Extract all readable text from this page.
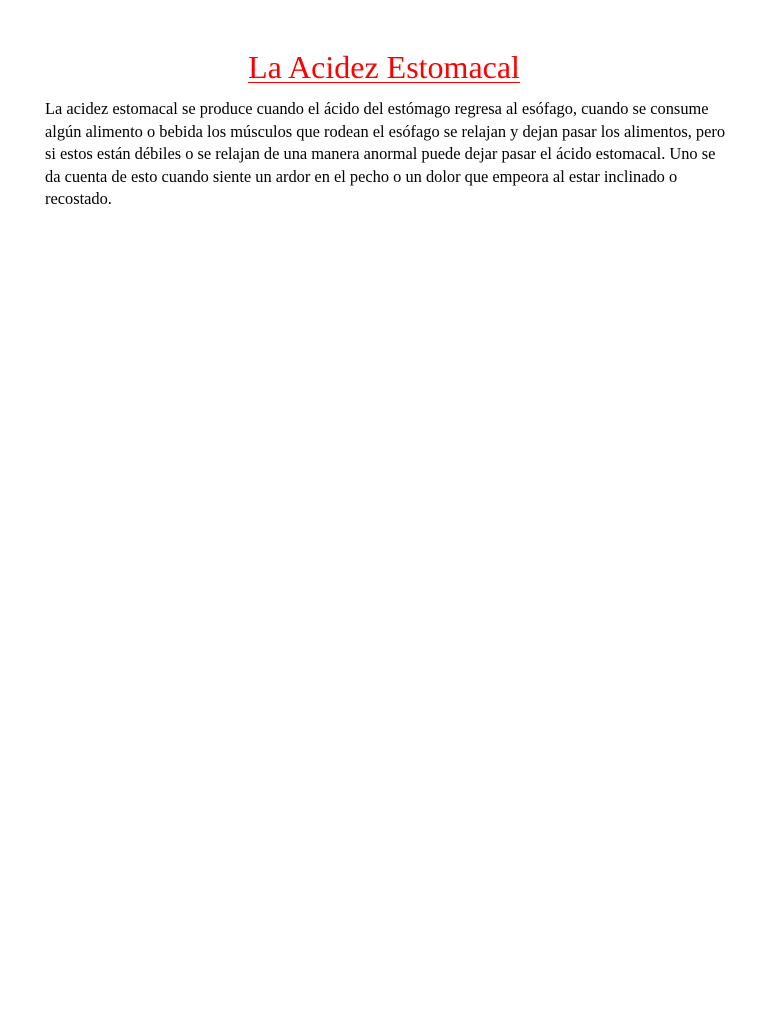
La Acidez Estomacal

La acidez estomacal se produce cuando el ácido del estómago regresa al esófago, cuando se consume algún alimento o bebida los músculos que rodean el esófago se relajan y dejan pasar los alimentos, pero si estos están débiles o se relajan de una manera anormal puede dejar pasar el ácido estomacal. Uno se da cuenta de esto cuando siente un ardor en el pecho o un dolor que empeora al estar inclinado o recostado.
